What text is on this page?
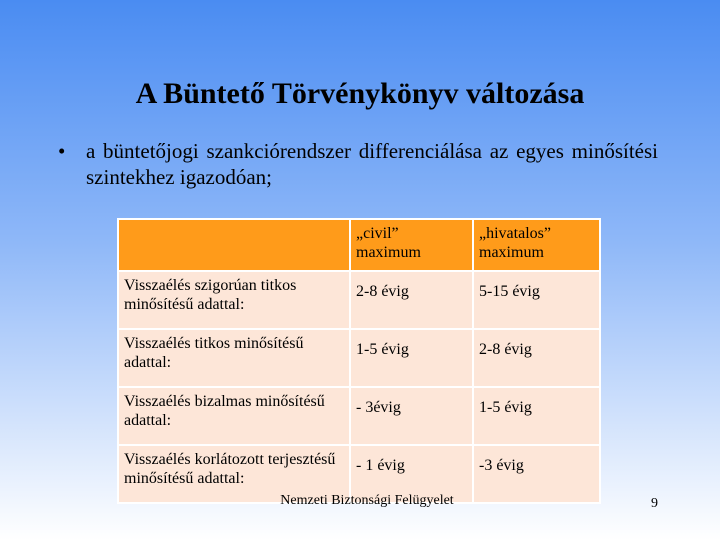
A Büntető Törvénykönyv változása
• a büntetőjogi szankciórendszer differenciálása az egyes minősítési szintekhez igazodóan;
	„civil” maximum	„hivatalos” maximum
Visszaélés szigorúan titkos minősítésű adattal:	2-8 évig	5-15 évig
Visszaélés titkos minősítésű adattal:	1-5 évig	2-8 évig
Visszaélés bizalmas minősítésű adattal:	- 3évig	1-5 évig
Visszaélés korlátozott terjesztésű minősítésű adattal:	- 1 évig	-3 évig
Nemzeti Biztonsági Felügyelet	9
